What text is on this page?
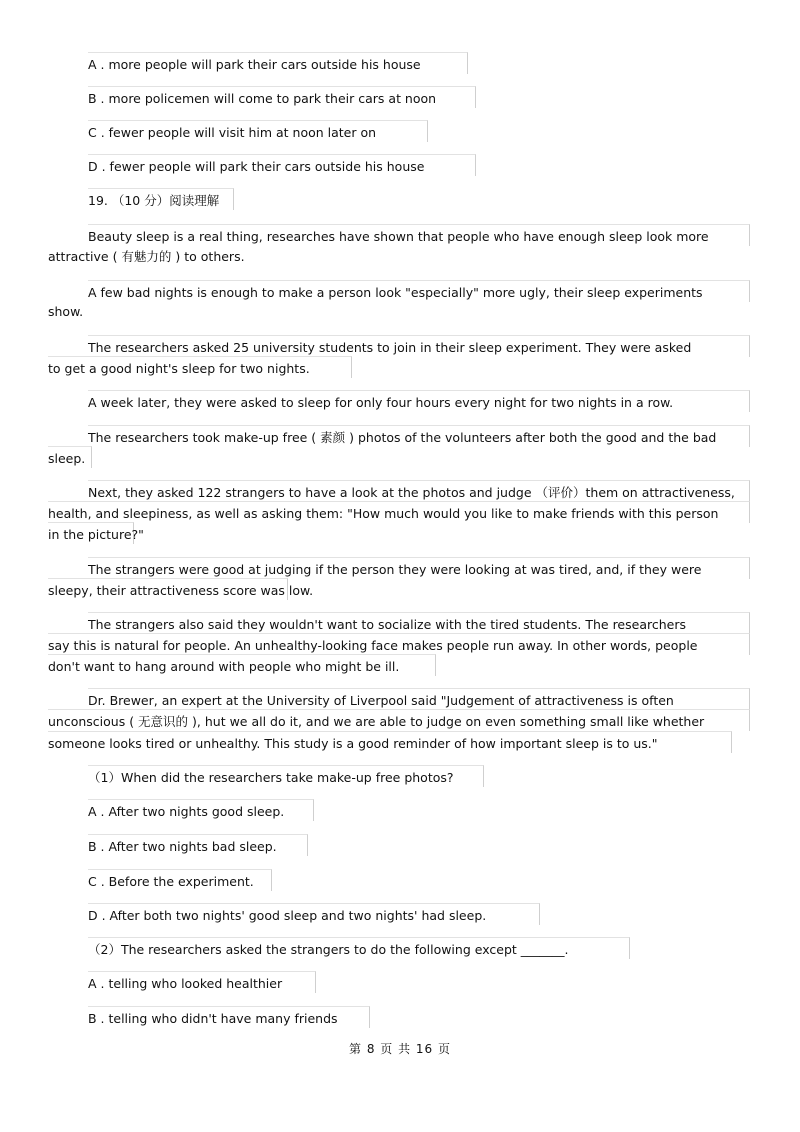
A . more people will park their cars outside his house
B . more policemen will come to park their cars at noon
C . fewer people will visit him at noon later on
D . fewer people will park their cars outside his house
19. （10 分）阅读理解
Beauty sleep is a real thing, researches have shown that people who have enough sleep look more
attractive ( 有魅力的 ) to others.
A few bad nights is enough to make a person look "especially" more ugly, their sleep experiments
show.
The researchers asked 25 university students to join in their sleep experiment. They were asked
to get a good night's sleep for two nights.
A week later, they were asked to sleep for only four hours every night for two nights in a row.
The researchers took make-up free ( 素颜 ) photos of the volunteers after both the good and the bad
sleep.
Next, they asked 122 strangers to have a look at the photos and judge （评价）them on attractiveness,
health, and sleepiness, as well as asking them: "How much would you like to make friends with this person
in the picture?"
The strangers were good at judging if the person they were looking at was tired, and, if they were
sleepy, their attractiveness score was low.
The strangers also said they wouldn't want to socialize with the tired students. The researchers
say this is natural for people. An unhealthy-looking face makes people run away. In other words, people
don't want to hang around with people who might be ill.
Dr. Brewer, an expert at the University of Liverpool said "Judgement of attractiveness is often
unconscious ( 无意识的 ), hut we all do it, and we are able to judge on even something small like whether
someone looks tired or unhealthy. This study is a good reminder of how important sleep is to us."
（1）When did the researchers take make-up free photos?
A . After two nights good sleep.
B . After two nights bad sleep.
C . Before the experiment.
D . After both two nights' good sleep and two nights' had sleep.
（2）The researchers asked the strangers to do the following except _______.
A . telling who looked healthier
B . telling who didn't have many friends
第 8 页 共 16 页
